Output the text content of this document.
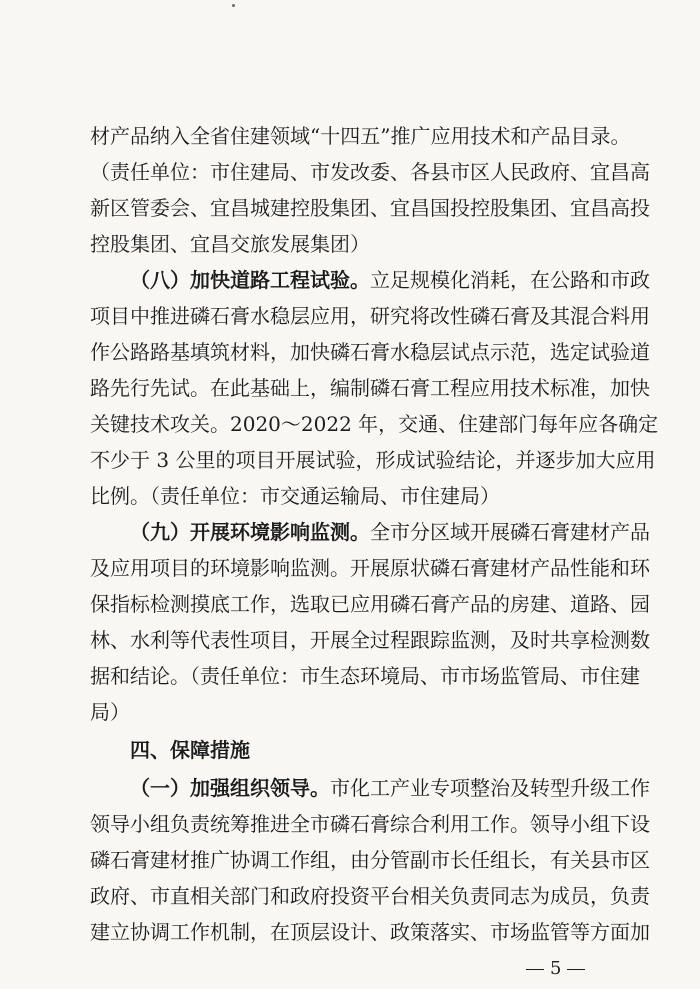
材产品纳入全省住建领域“十四五”推广应用技术和产品目录。
（责任单位：市住建局、市发改委、各县市区人民政府、宜昌高
新区管委会、宜昌城建控股集团、宜昌国投控股集团、宜昌高投
控股集团、宜昌交旅发展集团）
（八）加快道路工程试验。立足规模化消耗，在公路和市政
项目中推进磷石膏水稳层应用，研究将改性磷石膏及其混合料用
作公路路基填筑材料，加快磷石膏水稳层试点示范，选定试验道
路先行先试。在此基础上，编制磷石膏工程应用技术标准，加快
关键技术攻关。2020～2022 年，交通、住建部门每年应各确定
不少于 3 公里的项目开展试验，形成试验结论，并逐步加大应用
比例。（责任单位：市交通运输局、市住建局）
（九）开展环境影响监测。全市分区域开展磷石膏建材产品
及应用项目的环境影响监测。开展原状磷石膏建材产品性能和环
保指标检测摸底工作，选取已应用磷石膏产品的房建、道路、园
林、水利等代表性项目，开展全过程跟踪监测，及时共享检测数
据和结论。（责任单位：市生态环境局、市市场监管局、市住建
局）
四、保障措施
（一）加强组织领导。市化工产业专项整治及转型升级工作
领导小组负责统筹推进全市磷石膏综合利用工作。领导小组下设
磷石膏建材推广协调工作组，由分管副市长任组长，有关县市区
政府、市直相关部门和政府投资平台相关负责同志为成员，负责
建立协调工作机制，在顶层设计、政策落实、市场监管等方面加
5
